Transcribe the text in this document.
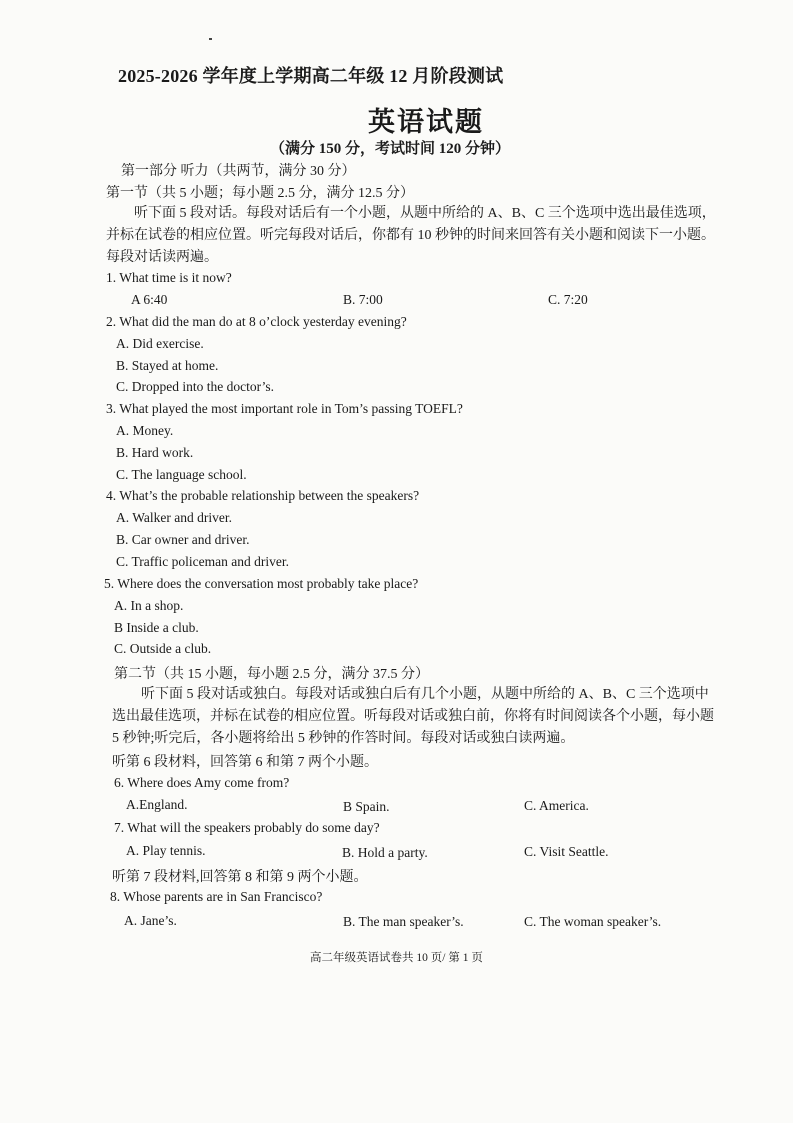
2025-2026 学年度上学期高二年级 12 月阶段测试
英语试题
（满分 150 分，考试时间 120 分钟）
第一部分 听力（共两节，满分 30 分）
第一节（共 5 小题；每小题 2.5 分，满分 12.5 分）
听下面 5 段对话。每段对话后有一个小题，从题中所给的 A、B、C 三个选项中选出最佳选项，
并标在试卷的相应位置。听完每段对话后，你都有 10 秒钟的时间来回答有关小题和阅读下一小题。
每段对话读两遍。
1. What time is it now?
A 6:40	B. 7:00	C. 7:20
2. What did the man do at 8 o’clock yesterday evening?
A. Did exercise.
B. Stayed at home.
C. Dropped into the doctor’s.
3. What played the most important role in Tom’s passing TOEFL?
A. Money.
B. Hard work.
C. The language school.
4. What’s the probable relationship between the speakers?
A. Walker and driver.
B. Car owner and driver.
C. Traffic policeman and driver.
5. Where does the conversation most probably take place?
A. In a shop.
B Inside a club.
C. Outside a club.
第二节（共 15 小题，每小题 2.5 分，满分 37.5 分）
听下面 5 段对话或独白。每段对话或独白后有几个小题，从题中所给的 A、B、C 三个选项中
选出最佳选项，并标在试卷的相应位置。听每段对话或独白前，你将有时间阅读各个小题，每小题
5 秒钟;听完后，各小题将给出 5 秒钟的作答时间。每段对话或独白读两遍。
听第 6 段材料，回答第 6 和第 7 两个小题。
6. Where does Amy come from?
A.England.	B Spain.	C. America.
7. What will the speakers probably do some day?
A. Play tennis.	B. Hold a party.	C. Visit Seattle.
听第 7 段材料,回答第 8 和第 9 两个小题。
8. Whose parents are in San Francisco?
A. Jane’s.	B. The man speaker’s.	C. The woman speaker’s.
高二年级英语试卷共 10 页/ 第 1 页
